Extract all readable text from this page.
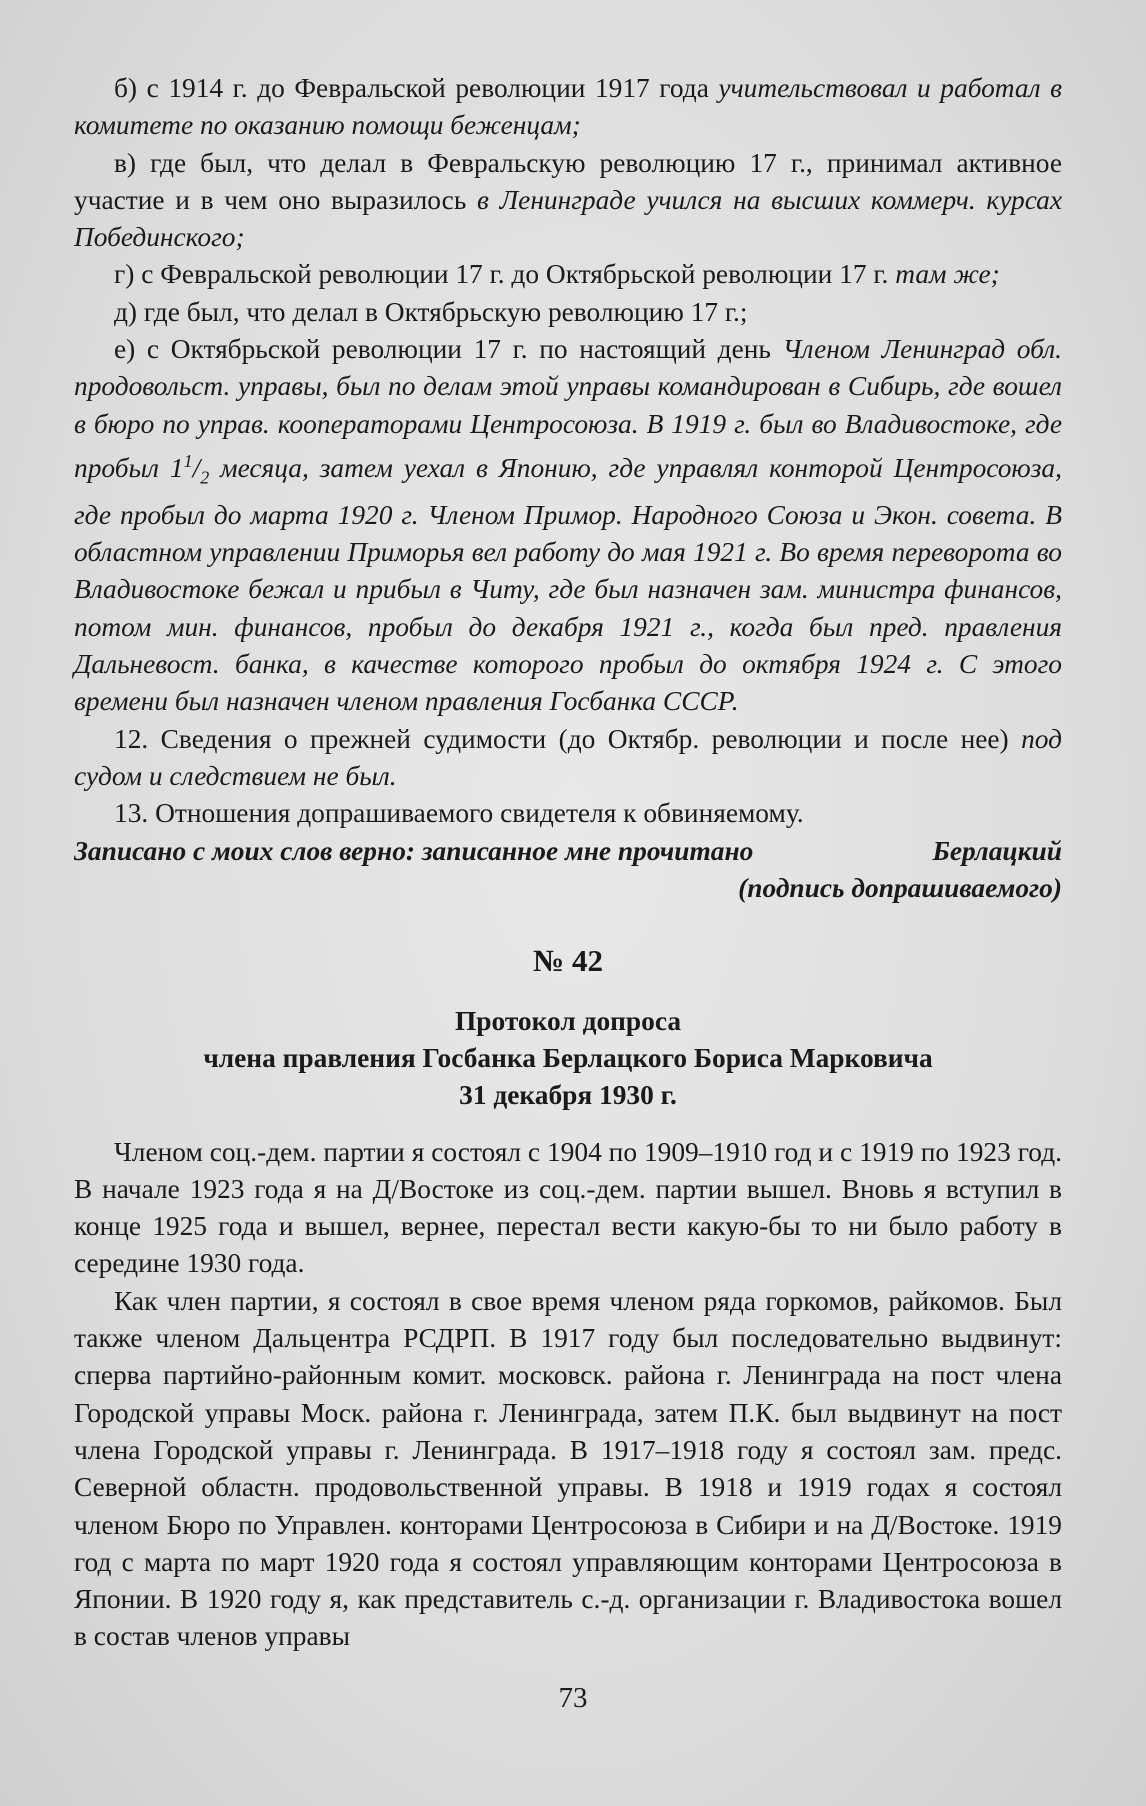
б) с 1914 г. до Февральской революции 1917 года учительствовал и работал в комитете по оказанию помощи беженцам;

в) где был, что делал в Февральскую революцию 17 г., принимал активное участие и в чем оно выразилось в Ленинграде учился на высших коммерч. курсах Побединского;

г) с Февральской революции 17 г. до Октябрьской революции 17 г. там же;

д) где был, что делал в Октябрьскую революцию 17 г.;

е) с Октябрьской революции 17 г. по настоящий день Членом Ленинград обл. продовольст. управы, был по делам этой управы командирован в Сибирь, где вошел в бюро по управ. кооператорами Центросоюза. В 1919 г. был во Владивостоке, где пробыл $1^1/_2$ месяца, затем уехал в Японию, где управлял конторой Центросоюза, где пробыл до марта 1920 г. Членом Примор. Народного Союза и Экон. совета. В областном управлении Приморья вел работу до мая 1921 г. Во время переворота во Владивостоке бежал и прибыл в Читу, где был назначен зам. министра финансов, потом мин. финансов, пробыл до декабря 1921 г., когда был пред. правления Дальневост. банка, в качестве которого пробыл до октября 1924 г. С этого времени был назначен членом правления Госбанка СССР.

12. Сведения о прежней судимости (до Октябр. революции и после нее) под судом и следствием не был.

13. Отношения допрашиваемого свидетеля к обвиняемому.

Записано с моих слов верно: записанное мне прочитано	Берлацкий
(подпись допрашиваемого)
№ 42
Протокол допроса
члена правления Госбанка Берлацкого Бориса Марковича
31 декабря 1930 г.

Членом соц.-дем. партии я состоял с 1904 по 1909–1910 год и с 1919 по 1923 год. В начале 1923 года я на Д/Востоке из соц.-дем. партии вышел. Вновь я вступил в конце 1925 года и вышел, вернее, перестал вести какую-бы то ни было работу в середине 1930 года.

Как член партии, я состоял в свое время членом ряда горкомов, райкомов. Был также членом Дальцентра РСДРП. В 1917 году был последовательно выдвинут: сперва партийно-районным комит. московск. района г. Ленинграда на пост члена Городской управы Моск. района г. Ленинграда, затем П.К. был выдвинут на пост члена Городской управы г. Ленинграда. В 1917–1918 году я состоял зам. предс. Северной областн. продовольственной управы. В 1918 и 1919 годах я состоял членом Бюро по Управлен. конторами Центросоюза в Сибири и на Д/Востоке. 1919 год с марта по март 1920 года я состоял управляющим конторами Центросоюза в Японии. В 1920 году я, как представитель с.-д. организации г. Владивостока вошел в состав членов управы

73
